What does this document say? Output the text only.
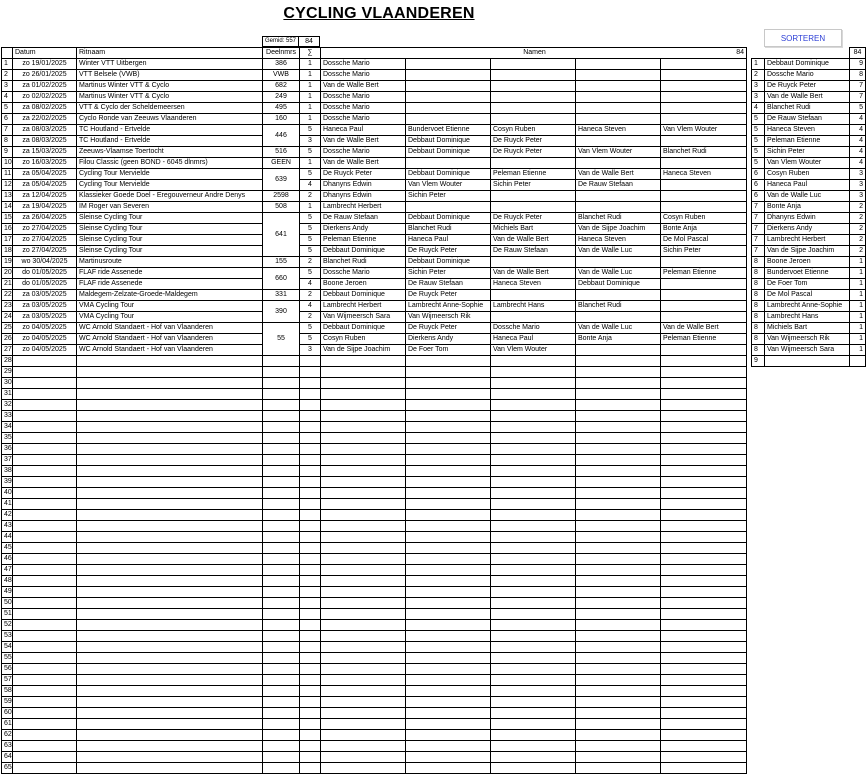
CYCLING VLAANDEREN
SORTEREN
Gemid: 557	84
	Datum	Ritnaam	Deelnmrs	∑	Namen 84				

1	zo 19/01/2025	Winter VTT Uitbergen	386	1	Dossche Mario				
2	zo 26/01/2025	VTT Belsele (VWB)	VWB	1	Dossche Mario				
3	za 01/02/2025	Martinus Winter VTT & Cyclo	682	1	Van de Walle Bert				
4	zo 02/02/2025	Martinus Winter VTT & Cyclo	249	1	Dossche Mario				
5	za 08/02/2025	VTT & Cyclo der Scheldemeersen	495	1	Dossche Mario				
6	za 22/02/2025	Cyclo Ronde van Zeeuws Vlaanderen	160	1	Dossche Mario				
7	za 08/03/2025	TC Houtland - Ertvelde	446	5	Haneca Paul	Bundervoet Etienne	Cosyn Ruben	Haneca Steven	Van Vlem Wouter
8	za 08/03/2025	TC Houtland - Ertvelde		3	Van de Walle Bert	Debbaut Dominique	De Ruyck Peter		
9	za 15/03/2025	Zeeuws-Vlaamse Toertocht	516	5	Dossche Mario	Debbaut Dominique	De Ruyck Peter	Van Vlem Wouter	Blanchet Rudi
10	zo 16/03/2025	Filou Classic (geen BOND - 6045 dlnmrs)	GEEN	1	Van de Walle Bert				
11	za 05/04/2025	Cycling Tour Mervielde	639	5	De Ruyck Peter	Debbaut Dominique	Peleman Etienne	Van de Walle Bert	Haneca Steven
12	za 05/04/2025	Cycling Tour Mervielde		4	Dhanyns Edwin	Van Vlem Wouter	Sichin Peter	De Rauw Stefaan	
13	za 12/04/2025	Klassieker Goede Doel - Eregouverneur Andre Denys	2598	2	Dhanyns Edwin	Sichin Peter			
14	za 19/04/2025	IM Roger van Severen	508	1	Lambrecht Herbert				
15	za 26/04/2025	Sleinse Cycling Tour	641	5	De Rauw Stefaan	Debbaut Dominique	De Ruyck Peter	Blanchet Rudi	Cosyn Ruben
16	zo 27/04/2025	Sleinse Cycling Tour		5	Dierkens Andy	Blanchet Rudi	Michiels Bart	Van de Sijpe Joachim	Bonte Anja
17	zo 27/04/2025	Sleinse Cycling Tour		5	Peleman Etienne	Haneca Paul	Van de Walle Bert	Haneca Steven	De Mol Pascal
18	zo 27/04/2025	Sleinse Cycling Tour		5	Debbaut Dominique	De Ruyck Peter	De Rauw Stefaan	Van de Walle Luc	Sichin Peter
19	wo 30/04/2025	Martinusroute	155	2	Blanchet Rudi	Debbaut Dominique			
20	do 01/05/2025	FLAF ride Assenede	660	5	Dossche Mario	Sichin Peter	Van de Walle Bert	Van de Walle Luc	Peleman Etienne
21	do 01/05/2025	FLAF ride Assenede		4	Boone Jeroen	De Rauw Stefaan	Haneca Steven	Debbaut Dominique	
22	za 03/05/2025	Maldegem-Zelzate-Groede-Maldegem	331	2	Debbaut Dominique	De Ruyck Peter			
23	za 03/05/2025	VMA Cycling Tour	390	4	Lambrecht Herbert	Lambrecht Anne-Sophie	Lambrecht Hans	Blanchet Rudi	
24	za 03/05/2025	VMA Cycling Tour		2	Van Wijmeersch Sara	Van Wijmeersch Rik			
25	zo 04/05/2025	WC Arnold Standaert - Hof van Vlaanderen	55	5	Debbaut Dominique	De Ruyck Peter	Dossche Mario	Van de Walle Luc	Van de Walle Bert
26	zo 04/05/2025	WC Arnold Standaert - Hof van Vlaanderen		5	Cosyn Ruben	Dierkens Andy	Haneca Paul	Bonte Anja	Peleman Etienne
27	zo 04/05/2025	WC Arnold Standaert - Hof van Vlaanderen		3	Van de Sijpe Joachim	De Foer Tom	Van Vlem Wouter		
28									
29									
30									
31									
32									
33									
34									
35									
36									
37									
38									
39									
40									
41									
42									
43									
44									
45									
46									
47									
48									
49									
50									
51									
52									
53									
54									
55									
56									
57									
58									
59									
60									
61									
62									
63									
64									
65									
		84
1	Debbaut Dominique	9
2	Dossche Mario	8
3	De Ruyck Peter	7
3	Van de Walle Bert	7
4	Blanchet Rudi	5
5	De Rauw Stefaan	4
5	Haneca Steven	4
5	Peleman Etienne	4
5	Sichin Peter	4
5	Van Vlem Wouter	4
6	Cosyn Ruben	3
6	Haneca Paul	3
6	Van de Walle Luc	3
7	Bonte Anja	2
7	Dhanyns Edwin	2
7	Dierkens Andy	2
7	Lambrecht Herbert	2
7	Van de Sijpe Joachim	2
8	Boone Jeroen	1
8	Bundervoet Etienne	1
8	De Foer Tom	1
8	De Mol Pascal	1
8	Lambrecht Anne-Sophie	1
8	Lambrecht Hans	1
8	Michiels Bart	1
8	Van Wijmeersch Rik	1
8	Van Wijmeersch Sara	1
9		
